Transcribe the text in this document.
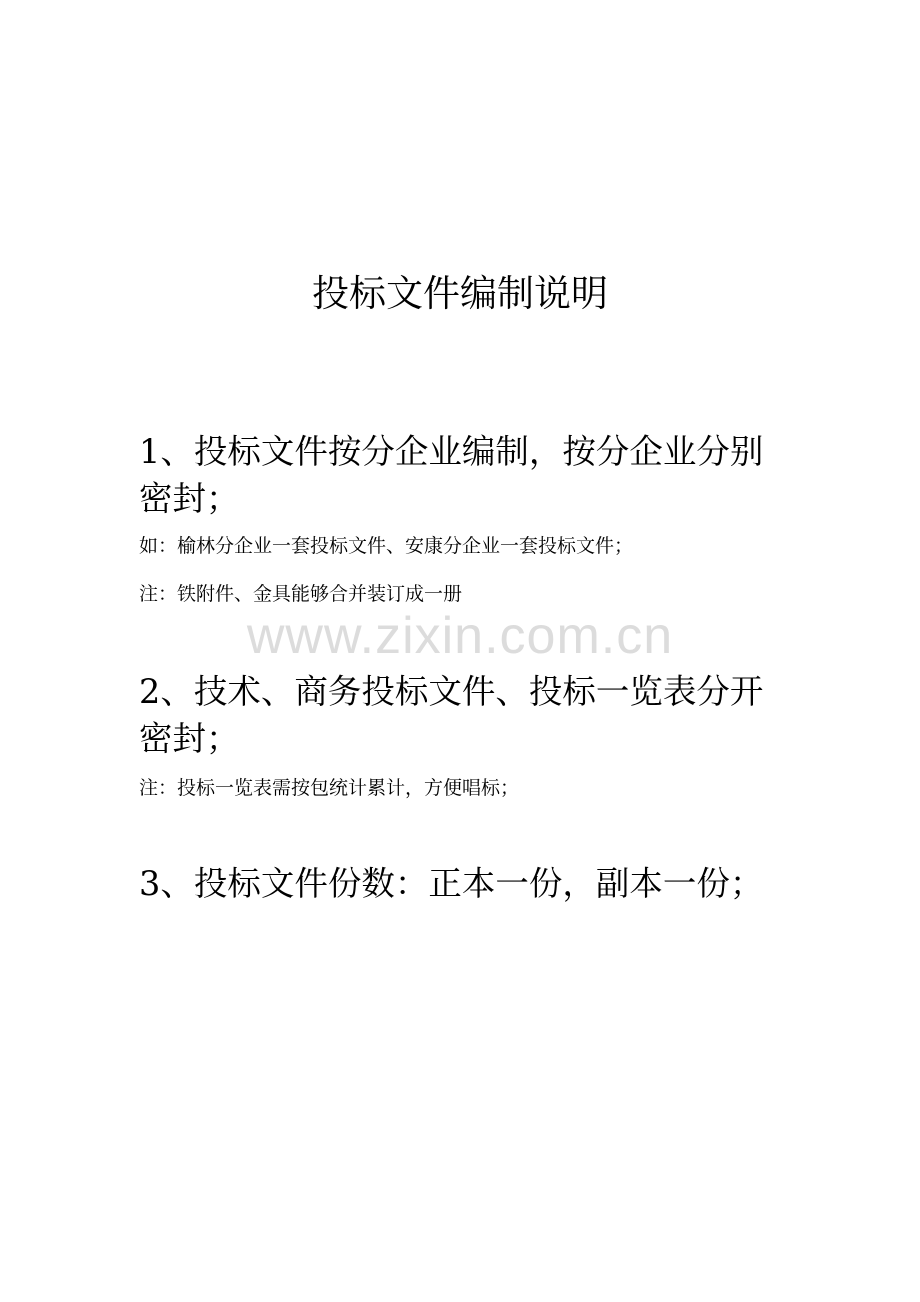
投标文件编制说明

1、投标文件按分企业编制，按分企业分别密封；

如：榆林分企业一套投标文件、安康分企业一套投标文件；

注：铁附件、金具能够合并装订成一册

www.zixin.com.cn

2、技术、商务投标文件、投标一览表分开密封；

注：投标一览表需按包统计累计，方便唱标；

3、投标文件份数：正本一份，副本一份；
